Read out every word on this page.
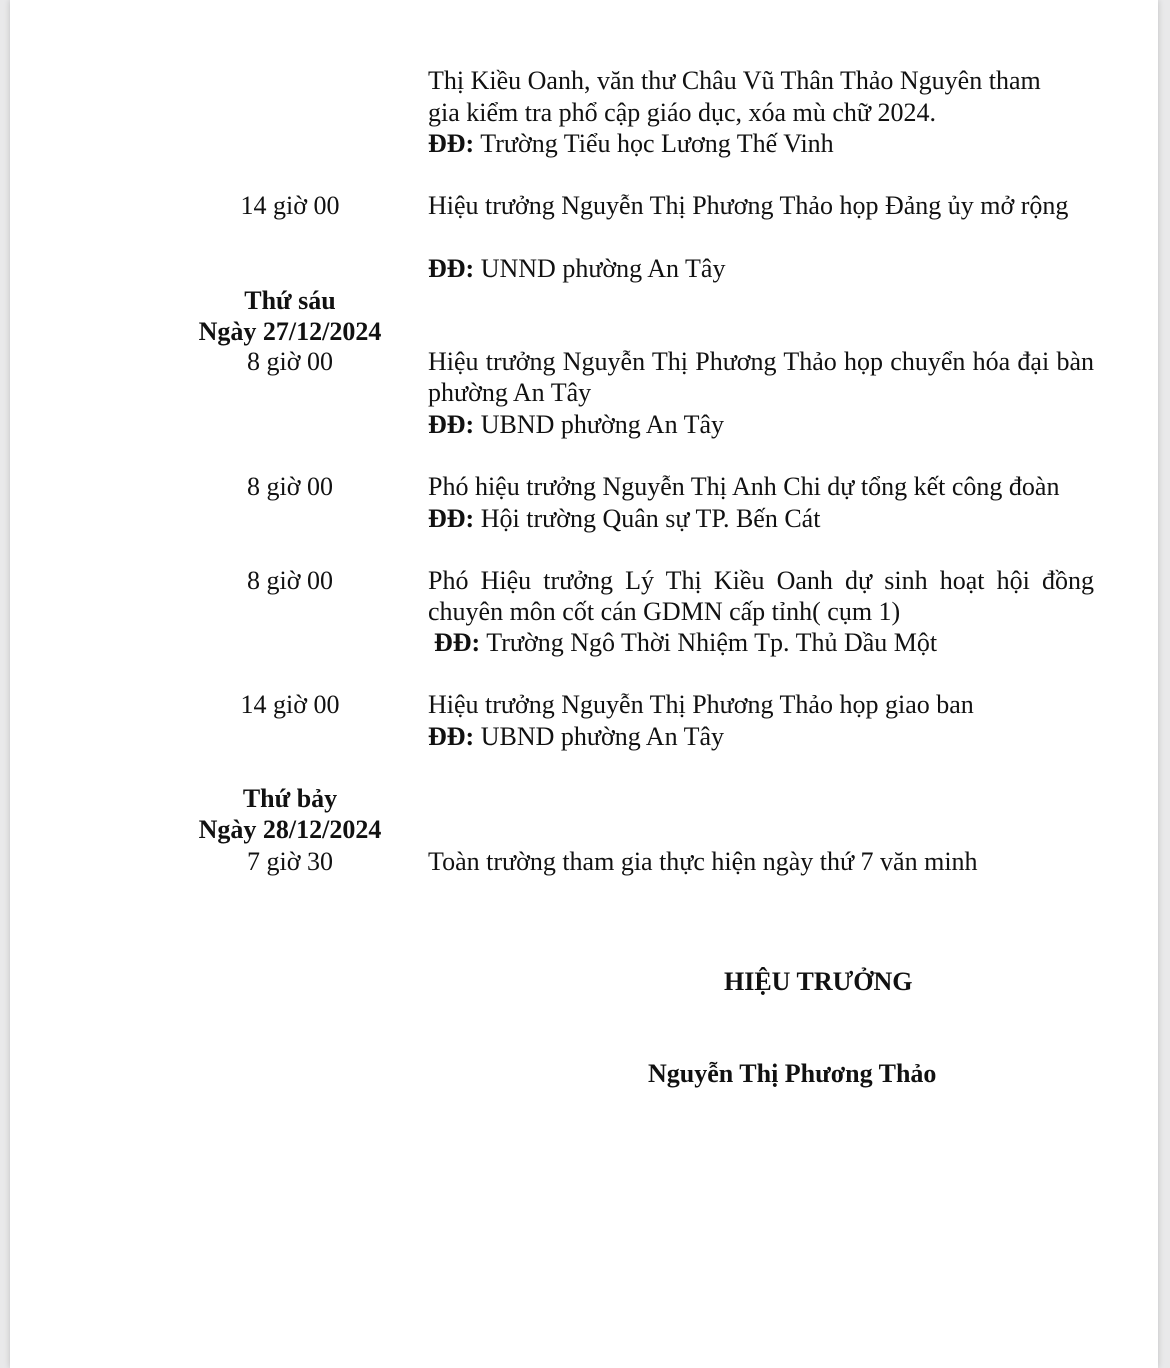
Thị Kiều Oanh, văn thư Châu Vũ Thân Thảo Nguyên tham
gia kiểm tra phổ cập giáo dục, xóa mù chữ 2024.
ĐĐ: Trường Tiểu học Lương Thế Vinh
14 giờ 00	Hiệu trưởng Nguyễn Thị Phương Thảo họp Đảng ủy mở rộng
ĐĐ: UNND phường An Tây
Thứ sáu
Ngày 27/12/2024
8 giờ 00	Hiệu trưởng Nguyễn Thị Phương Thảo họp chuyển hóa đại bàn phường An Tây
ĐĐ: UBND phường An Tây
8 giờ 00	Phó hiệu trưởng Nguyễn Thị Anh Chi dự tổng kết công đoàn
ĐĐ: Hội trường Quân sự TP. Bến Cát
8 giờ 00	Phó Hiệu trưởng Lý Thị Kiều Oanh dự sinh hoạt hội đồng chuyên môn cốt cán GDMN cấp tỉnh( cụm 1)
ĐĐ: Trường Ngô Thời Nhiệm Tp. Thủ Dầu Một
14 giờ 00	Hiệu trưởng Nguyễn Thị Phương Thảo họp giao ban
ĐĐ: UBND phường An Tây
Thứ bảy
Ngày 28/12/2024
7 giờ 30	Toàn trường tham gia thực hiện ngày thứ 7 văn minh
HIỆU TRƯỞNG
Nguyễn Thị Phương Thảo
